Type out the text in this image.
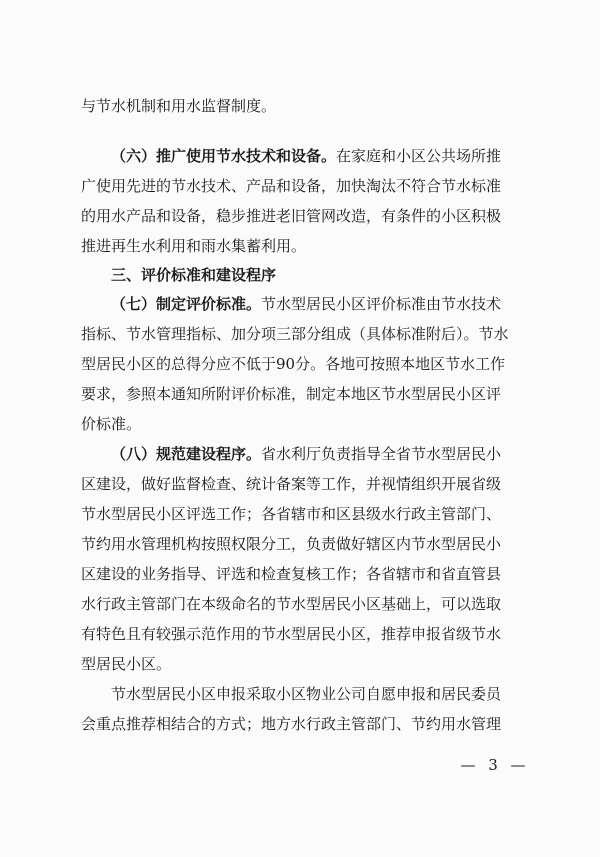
与节水机制和用水监督制度。
（六）推广使用节水技术和设备。在家庭和小区公共场所推
广使用先进的节水技术、产品和设备，加快淘汰不符合节水标准
的用水产品和设备，稳步推进老旧管网改造，有条件的小区积极
推进再生水利用和雨水集蓄利用。
三、评价标准和建设程序
（七）制定评价标准。节水型居民小区评价标准由节水技术
指标、节水管理指标、加分项三部分组成（具体标准附后）。节水
型居民小区的总得分应不低于90分。各地可按照本地区节水工作
要求，参照本通知所附评价标准，制定本地区节水型居民小区评
价标准。
（八）规范建设程序。省水利厅负责指导全省节水型居民小
区建设，做好监督检查、统计备案等工作，并视情组织开展省级
节水型居民小区评选工作；各省辖市和区县级水行政主管部门、
节约用水管理机构按照权限分工，负责做好辖区内节水型居民小
区建设的业务指导、评选和检查复核工作；各省辖市和省直管县
水行政主管部门在本级命名的节水型居民小区基础上，可以选取
有特色且有较强示范作用的节水型居民小区，推荐申报省级节水
型居民小区。
节水型居民小区申报采取小区物业公司自愿申报和居民委员
会重点推荐相结合的方式；地方水行政主管部门、节约用水管理
— 3 —
